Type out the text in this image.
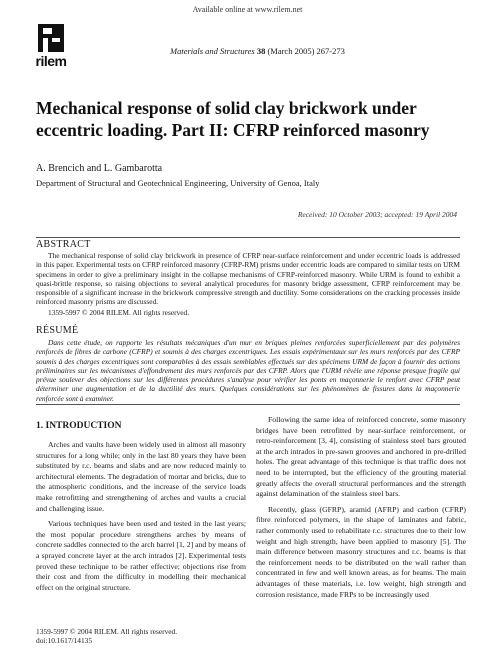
Available online at www.rilem.net
rilem
Materials and Structures 38 (March 2005) 267-273
Mechanical response of solid clay brickwork under eccentric loading. Part II: CFRP reinforced masonry
A. Brencich and L. Gambarotta
Department of Structural and Geotechnical Engineering, University of Genoa, Italy
Received: 10 October 2003; accepted: 19 April 2004
ABSTRACT
The mechanical response of solid clay brickwork in presence of CFRP near-surface reinforcement and under eccentric loads is addressed in this paper. Experimental tests on CFRP reinforced masonry (CFRP-RM) prisms under eccentric loads are compared to similar tests on URM specimens in order to give a preliminary insight in the collapse mechanisms of CFRP-reinforced masonry. While URM is found to exhibit a quasi-brittle response, so raising objections to several analytical procedures for masonry bridge assessment, CFRP reinforcement may be responsible of a significant increase in the brickwork compressive strength and ductility. Some considerations on the cracking processes inside reinforced masonry prisms are discussed.
1359-5997 © 2004 RILEM. All rights reserved.
RÉSUMÉ
Dans cette étude, on rapporte les résultats mécaniques d'un mur en briques pleines renforcées superficiellement par des polymères renforcés de fibres de carbone (CFRP) et soumis à des charges excentriques. Les essais expérimentaux sur les murs renforcés par des CFRP soumis à des charges excentriques sont comparables à des essais semblables effectués sur des spécimens URM de façon à fournir des actions préliminaires sur les mécanismes d'effondrement des murs renforcés par des CFRP. Alors que l'URM révèle une réponse presque fragile qui prévue soulever des objections sur les différentes procédures s'analyse pour vérifier les ponts en maçonnerie le renfort avec CFRP peut déterminer une augmentation et de la ductilité des murs. Quelques considérations sur les phénomènes de fissures dans la maçonnerie renforcée sont à examiner.
1. INTRODUCTION

Arches and vaults have been widely used in almost all masonry structures for a long while; only in the last 80 years they have been substituted by r.c. beams and slabs and are now reduced mainly to architectural elements. The degradation of mortar and bricks, due to the atmospheric conditions, and the increase of the service loads make retrofitting and strengthening of arches and vaults a crucial and challenging issue.

Various techniques have been used and tested in the last years; the most popular procedure strengthens arches by means of concrete saddles connected to the arch barrel [1, 2] and by means of a sprayed concrete layer at the arch intrados [2]. Experimental tests proved these technique to be rather effective; objections rise from their cost and from the difficulty in modelling their mechanical effect on the original structure.

Following the same idea of reinforced concrete, some masonry bridges have been retrofitted by near-surface reinforcement, or retro-reinforcement [3, 4], consisting of stainless steel bars grouted at the arch intrados in pre-sawn grooves and anchored in pre-drilled holes. The great advantage of this technique is that traffic does not need to be interrupted, but the efficiency of the grouting material greatly affects the overall structural performances and the strength against delamination of the stainless steel bars.

Recently, glass (GFRP), aramid (AFRP) and carbon (CFRP) fibre reinforced polymers, in the shape of laminates and fabric, rather commonly used to rehabilitate r.c. structures due to their low weight and high strength, have been applied to masonry [5]. The main difference between masonry structures and r.c. beams is that the reinforcement needs to be distributed on the wall rather than concentrated in few and well known areas, as for beams. The main advantages of these materials, i.e. low weight, high strength and corrosion resistance, made FRPs to be increasingly used

1359-5997 © 2004 RILEM. All rights reserved.
doi:10.1617/14135
